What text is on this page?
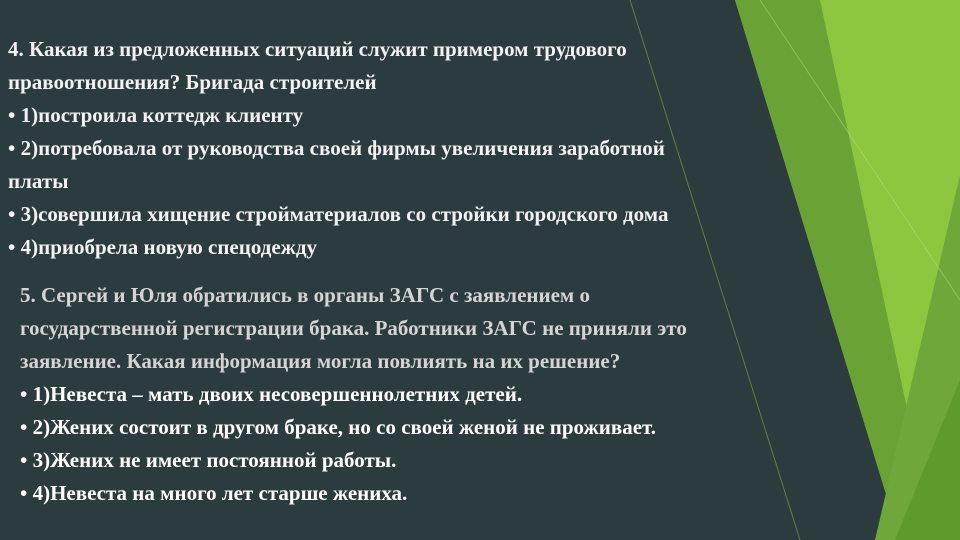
4. Какая из предложенных ситуаций служит примером трудового
правоотношения? Бригада строителей
• 1)построила коттедж клиенту
• 2)потребовала от руководства своей фирмы увеличения заработной
платы
• 3)совершила хищение стройматериалов со стройки городского дома
• 4)приобрела новую спецодежду
5. Сергей и Юля обратились в органы ЗАГС с заявлением о
государственной регистрации брака. Работники ЗАГС не приняли это
заявление. Какая информация могла повлиять на их решение?
• 1)Невеста – мать двоих несовершеннолетних детей.
• 2)Жених состоит в другом браке, но со своей женой не проживает.
• 3)Жених не имеет постоянной работы.
• 4)Невеста на много лет старше жениха.
